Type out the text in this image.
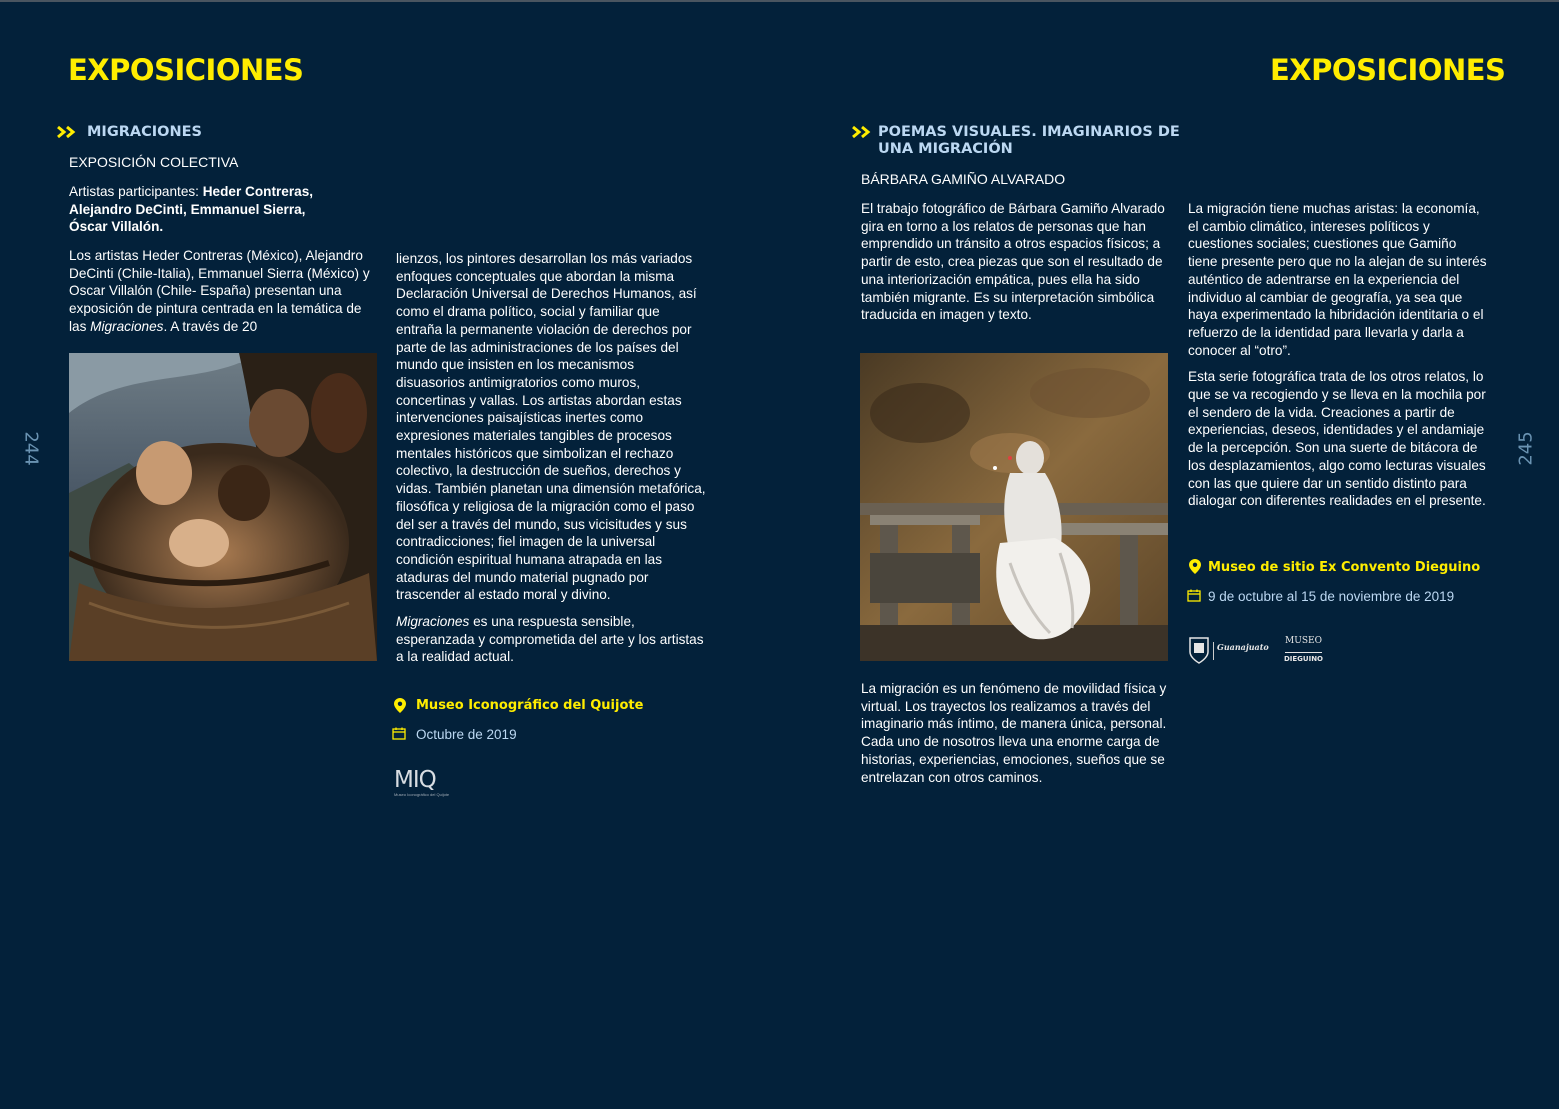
EXPOSICIONES
244
MIGRACIONES
EXPOSICIÓN COLECTIVA
Artistas participantes: Heder Contreras, Alejandro DeCinti, Emmanuel Sierra, Óscar Villalón.
Los artistas Heder Contreras (México), Alejandro DeCinti (Chile-Italia), Emmanuel Sierra (México) y Oscar Villalón (Chile- España) presentan una exposición de pintura centrada en la temática de las Migraciones. A través de 20

lienzos, los pintores desarrollan los más variados enfoques conceptuales que abordan la misma Declaración Universal de Derechos Humanos, así como el drama político, social y familiar que entraña la permanente violación de derechos por parte de las administraciones de los países del mundo que insisten en los mecanismos disuasorios antimigratorios como muros, concertinas y vallas. Los artistas abordan estas intervenciones paisajísticas inertes como expresiones materiales tangibles de procesos mentales históricos que simbolizan el rechazo colectivo, la destrucción de sueños, derechos y vidas. También planetan una dimensión metafórica, filosófica y religiosa de la migración como el paso del ser a través del mundo, sus vicisitudes y sus contradicciones; fiel imagen de la universal condición espiritual humana atrapada en las ataduras del mundo material pugnado por trascender al estado moral y divino.

Migraciones es una respuesta sensible, esperanzada y comprometida del arte y los artistas a la realidad actual.

Museo Iconográfico del Quijote
Octubre de 2019
MIQ
Museo Iconográfico del Quijote
EXPOSICIONES
245
POEMAS VISUALES. IMAGINARIOS DE
UNA MIGRACIÓN
BÁRBARA GAMIÑO ALVARADO
El trabajo fotográfico de Bárbara Gamiño Alvarado gira en torno a los relatos de personas que han emprendido un tránsito a otros espacios físicos; a partir de esto, crea piezas que son el resultado de una interiorización empática, pues ella ha sido también migrante. Es su interpretación simbólica traducida en imagen y texto.
La migración es un fenómeno de movilidad física y virtual. Los trayectos los realizamos a través del imaginario más íntimo, de manera única, personal. Cada uno de nosotros lleva una enorme carga de historias, experiencias, emociones, sueños que se entrelazan con otros caminos.

La migración tiene muchas aristas: la economía, el cambio climático, intereses políticos y cuestiones sociales; cuestiones que Gamiño tiene presente pero que no la alejan de su interés auténtico de adentrarse en la experiencia del individuo al cambiar de geografía, ya sea que haya experimentado la hibridación identitaria o el refuerzo de la identidad para llevarla y darla a conocer al “otro”.

Esta serie fotográfica trata de los otros relatos, lo que se va recogiendo y se lleva en la mochila por el sendero de la vida. Creaciones a partir de experiencias, deseos, identidades y el andamiaje de la percepción. Son una suerte de bitácora de los desplazamientos, algo como lecturas visuales con las que quiere dar un sentido distinto para dialogar con diferentes realidades en el presente.

Museo de sitio Ex Convento Dieguino
9 de octubre al 15 de noviembre de 2019
Guanajuato
MUSEO
DIEGUINO
